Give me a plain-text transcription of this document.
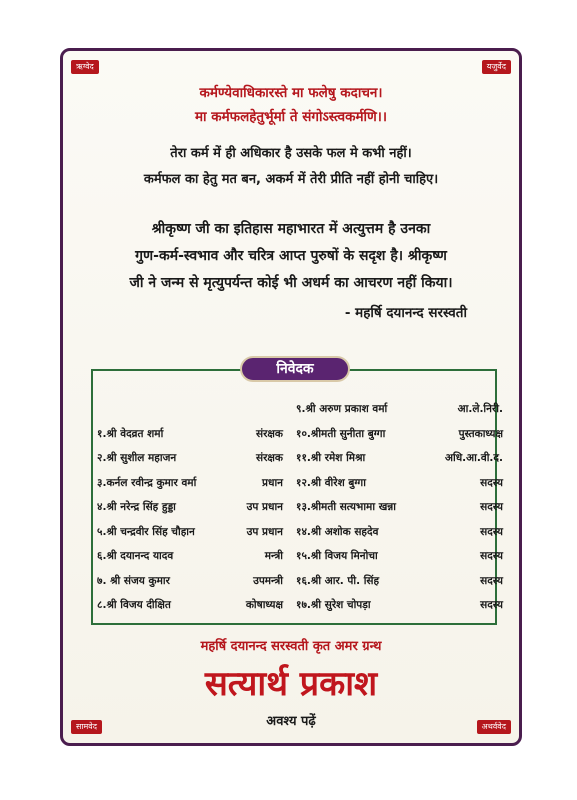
ऋग्वेद	यजुर्वेद
सामवेद	अथर्ववेद
कर्मण्येवाधिकारस्ते मा फलेषु कदाचन।
मा कर्मफलहेतुर्भूर्मा ते संगोऽस्त्वकर्मणि।।
तेरा कर्म में ही अधिकार है उसके फल मे कभी नहीं।
कर्मफल का हेतु मत बन, अकर्म में तेरी प्रीति नहीं होनी चाहिए।
श्रीकृष्ण जी का इतिहास महाभारत में अत्युत्तम है उनका
गुण-कर्म-स्वभाव और चरित्र आप्त पुरुषों के सदृश है। श्रीकृष्ण
जी ने जन्म से मृत्युपर्यन्त कोई भी अधर्म का आचरण नहीं किया।
- महर्षि दयानन्द सरस्वती
निवेदक
९.श्री अरुण प्रकाश वर्मा	आ.ले.निरी.
१.श्री वेदव्रत शर्मा	संरक्षक १०.श्रीमती सुनीता बुग्गा	पुस्तकाध्यक्ष
२.श्री सुशील महाजन	संरक्षक ११.श्री रमेश मिश्रा	अधि.आ.वी.द.
३.कर्नल रवीन्द्र कुमार वर्मा	प्रधान १२.श्री वीरेश बुग्गा	सदस्य
४.श्री नरेन्द्र सिंह हुड्डा	उप प्रधान १३.श्रीमती सत्यभामा खन्ना	सदस्य
५.श्री चन्द्रवीर सिंह चौहान	उप प्रधान १४.श्री अशोक सहदेव	सदस्य
६.श्री दयानन्द यादव	मन्त्री १५.श्री विजय मिनोचा	सदस्य
७. श्री संजय कुमार	उपमन्त्री १६.श्री आर. पी. सिंह	सदस्य
८.श्री विजय दीक्षित	कोषाध्यक्ष १७.श्री सुरेश चोपड़ा	सदस्य
महर्षि दयानन्द सरस्वती कृत अमर ग्रन्थ
सत्यार्थ प्रकाश
अवश्य पढ़ें
